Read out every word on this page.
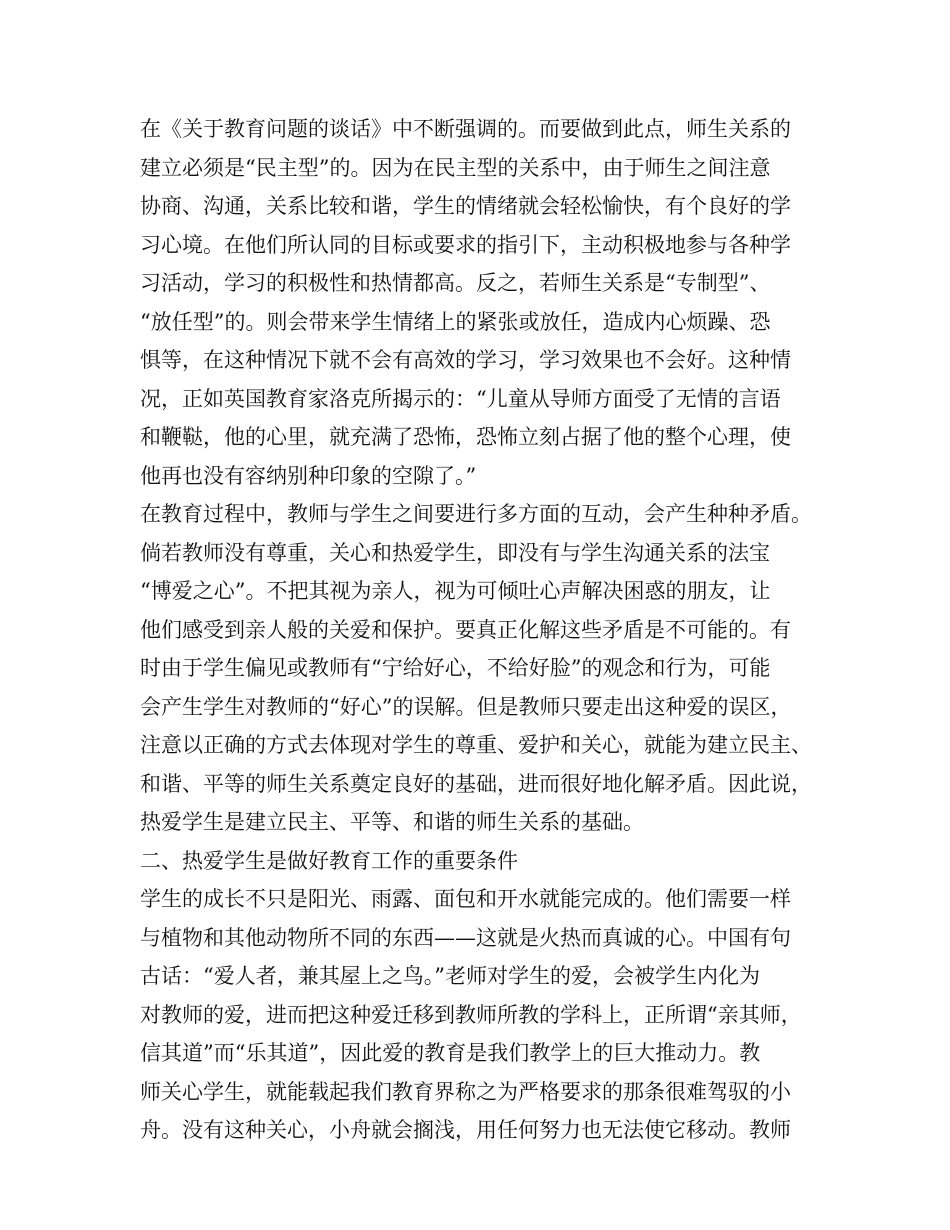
在《关于教育问题的谈话》中不断强调的。而要做到此点，师生关系的
建立必须是“民主型”的。因为在民主型的关系中，由于师生之间注意
协商、沟通，关系比较和谐，学生的情绪就会轻松愉快，有个良好的学
习心境。在他们所认同的目标或要求的指引下，主动积极地参与各种学
习活动，学习的积极性和热情都高。反之，若师生关系是“专制型”、
“放任型”的。则会带来学生情绪上的紧张或放任，造成内心烦躁、恐
惧等，在这种情况下就不会有高效的学习，学习效果也不会好。这种情
况，正如英国教育家洛克所揭示的：“儿童从导师方面受了无情的言语
和鞭鞑，他的心里，就充满了恐怖，恐怖立刻占据了他的整个心理，使
他再也没有容纳别种印象的空隙了。”
在教育过程中，教师与学生之间要进行多方面的互动，会产生种种矛盾。
倘若教师没有尊重，关心和热爱学生，即没有与学生沟通关系的法宝
“博爱之心”。不把其视为亲人，视为可倾吐心声解决困惑的朋友，让
他们感受到亲人般的关爱和保护。要真正化解这些矛盾是不可能的。有
时由于学生偏见或教师有“宁给好心，不给好脸”的观念和行为，可能
会产生学生对教师的“好心”的误解。但是教师只要走出这种爱的误区，
注意以正确的方式去体现对学生的尊重、爱护和关心，就能为建立民主、
和谐、平等的师生关系奠定良好的基础，进而很好地化解矛盾。因此说，
热爱学生是建立民主、平等、和谐的师生关系的基础。
二、热爱学生是做好教育工作的重要条件
学生的成长不只是阳光、雨露、面包和开水就能完成的。他们需要一样
与植物和其他动物所不同的东西——这就是火热而真诚的心。中国有句
古话：“爱人者，兼其屋上之鸟。”老师对学生的爱，会被学生内化为
对教师的爱，进而把这种爱迁移到教师所教的学科上，正所谓“亲其师，
信其道”而“乐其道”，因此爱的教育是我们教学上的巨大推动力。教
师关心学生，就能载起我们教育界称之为严格要求的那条很难驾驭的小
舟。没有这种关心，小舟就会搁浅，用任何努力也无法使它移动。教师
